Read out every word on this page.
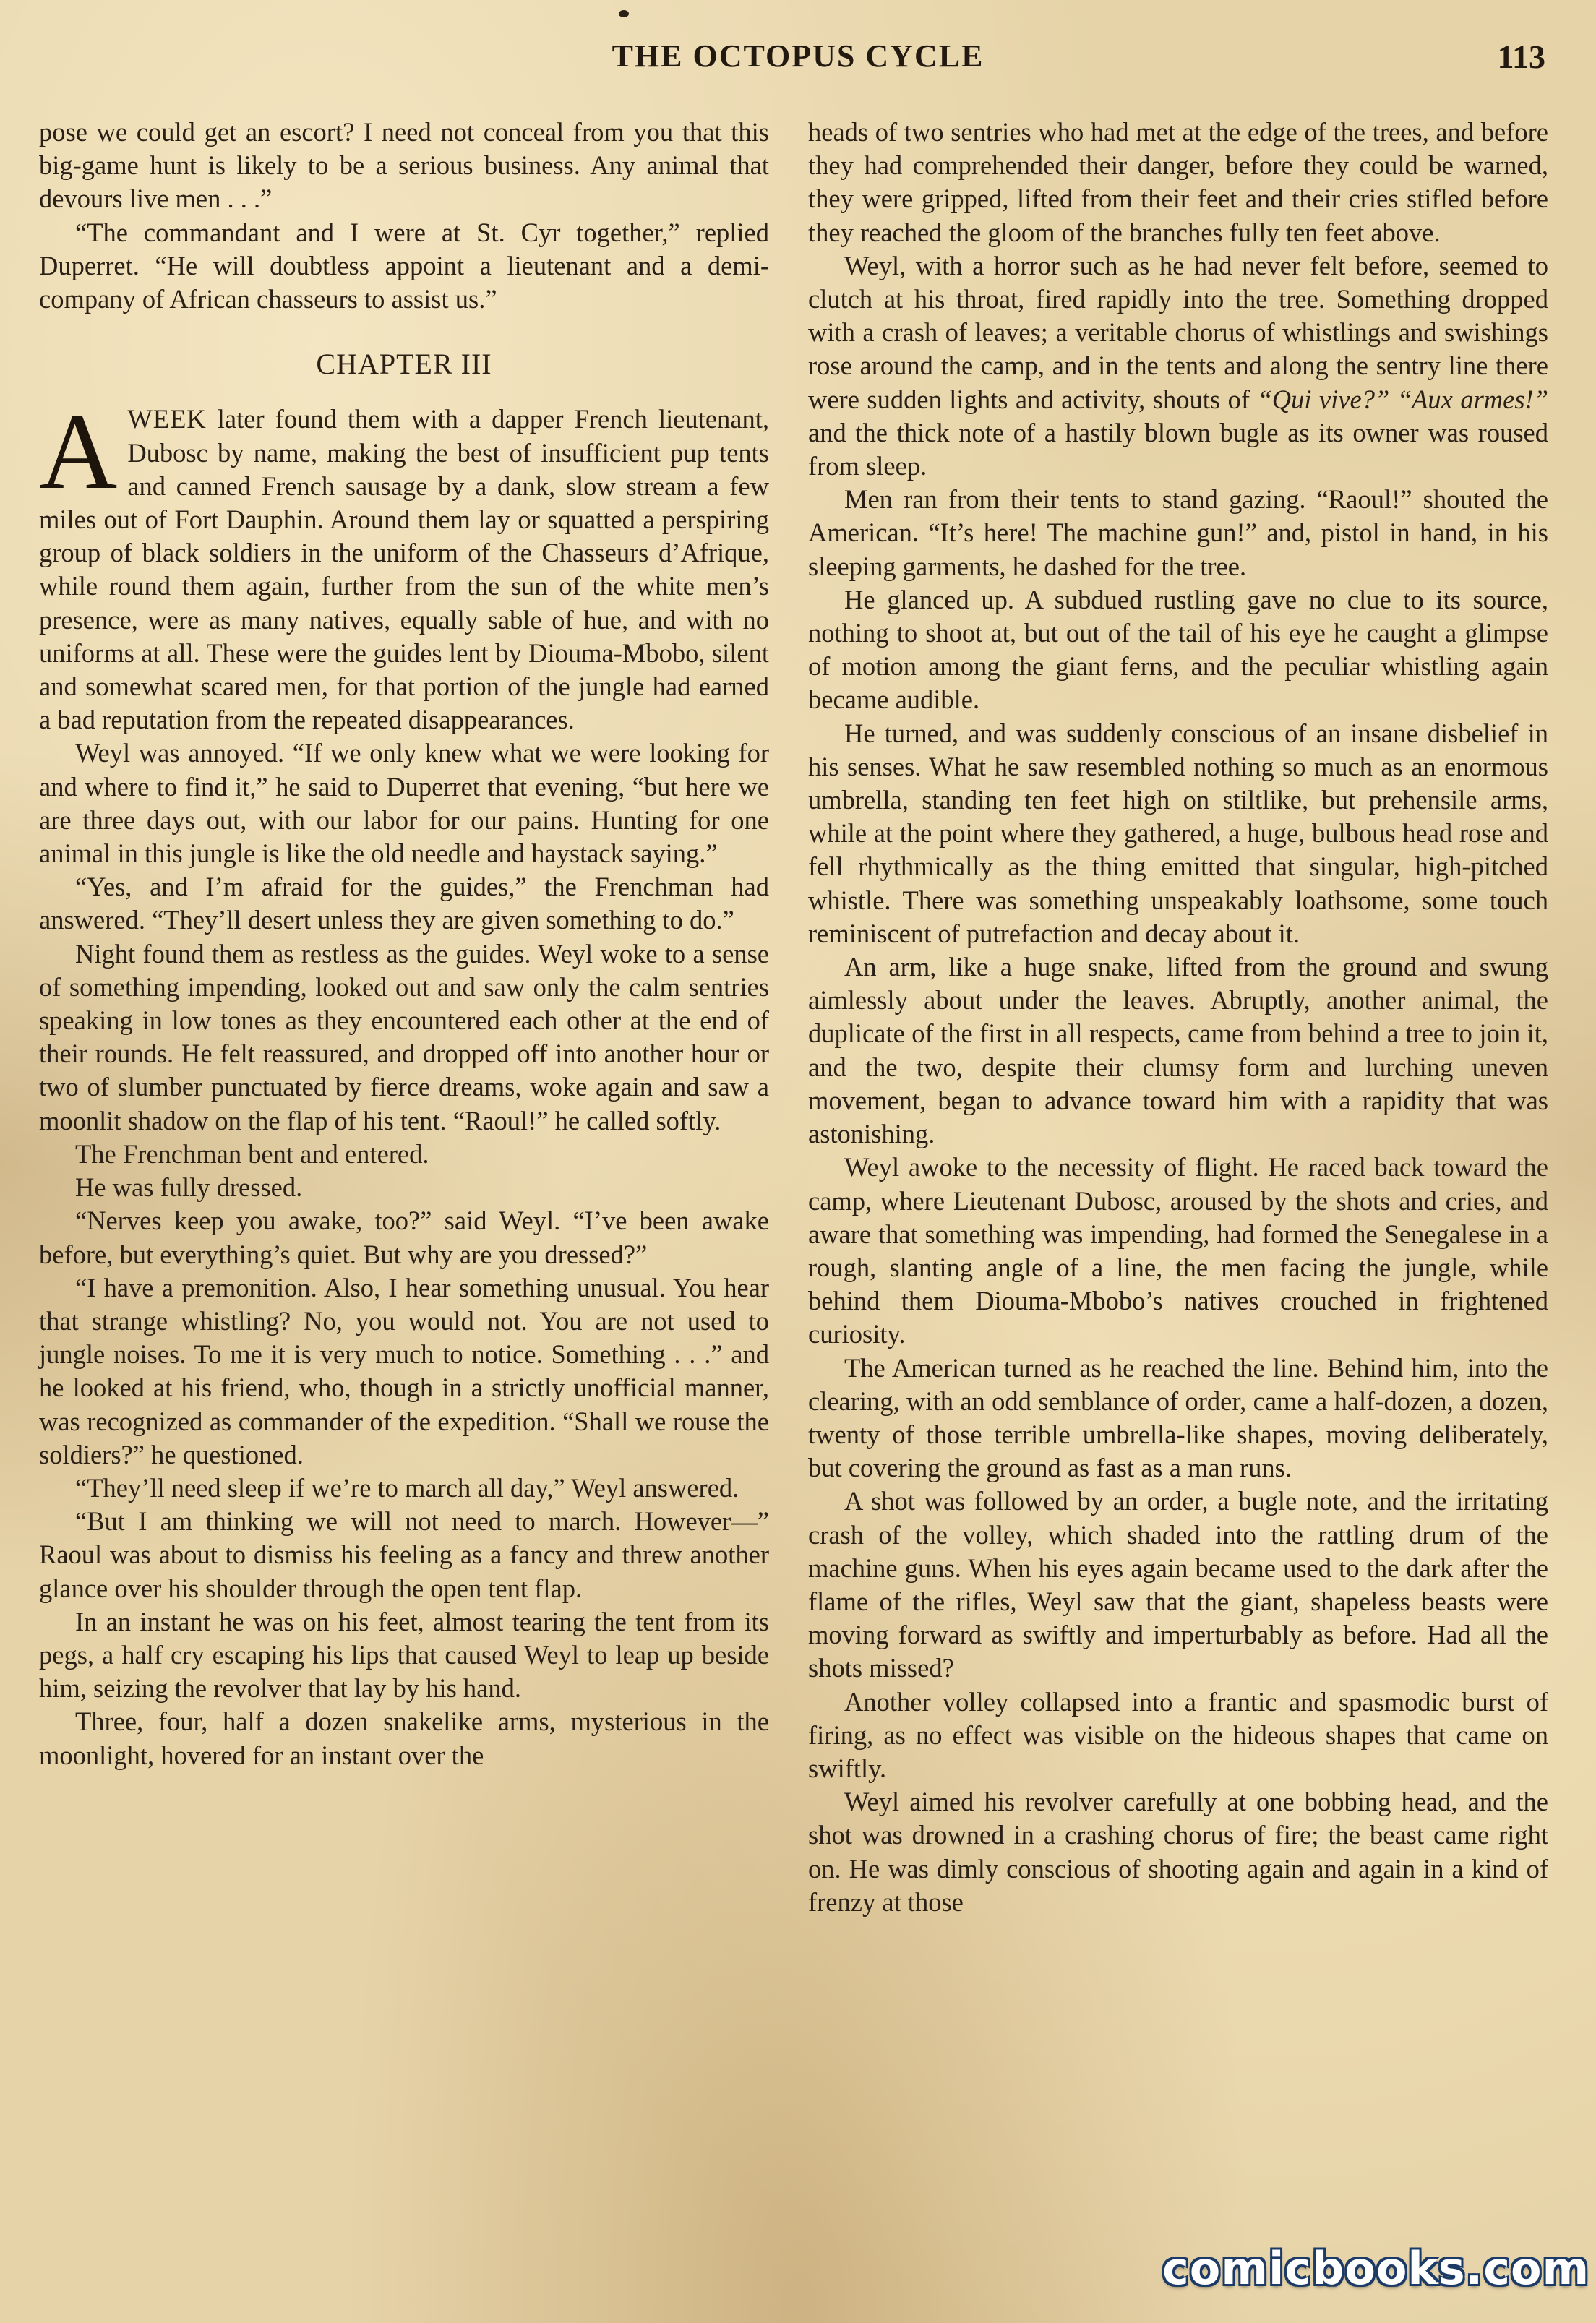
THE OCTOPUS CYCLE	113

pose we could get an escort? I need not conceal from you that this big-game hunt is likely to be a serious business. Any animal that devours live men . . .”

“The commandant and I were at St. Cyr together,” replied Duperret. “He will doubtless appoint a lieutenant and a demi-company of African chasseurs to assist us.”

CHAPTER III

AWEEK later found them with a dapper French lieutenant, Dubosc by name, making the best of insufficient pup tents and canned French sausage by a dank, slow stream a few miles out of Fort Dauphin. Around them lay or squatted a perspiring group of black soldiers in the uniform of the Chasseurs d’Afrique, while round them again, further from the sun of the white men’s presence, were as many natives, equally sable of hue, and with no uniforms at all. These were the guides lent by Diouma-Mbobo, silent and somewhat scared men, for that portion of the jungle had earned a bad reputation from the repeated disappearances.

Weyl was annoyed. “If we only knew what we were looking for and where to find it,” he said to Duperret that evening, “but here we are three days out, with our labor for our pains. Hunting for one animal in this jungle is like the old needle and haystack saying.”

“Yes, and I’m afraid for the guides,” the Frenchman had answered. “They’ll desert unless they are given something to do.”

Night found them as restless as the guides. Weyl woke to a sense of something impending, looked out and saw only the calm sentries speaking in low tones as they encountered each other at the end of their rounds. He felt reassured, and dropped off into another hour or two of slumber punctuated by fierce dreams, woke again and saw a moonlit shadow on the flap of his tent. “Raoul!” he called softly.

The Frenchman bent and entered.

He was fully dressed.

“Nerves keep you awake, too?” said Weyl. “I’ve been awake before, but everything’s quiet. But why are you dressed?”

“I have a premonition. Also, I hear something unusual. You hear that strange whistling? No, you would not. You are not used to jungle noises. To me it is very much to notice. Something . . .” and he looked at his friend, who, though in a strictly unofficial manner, was recognized as commander of the expedition. “Shall we rouse the soldiers?” he questioned.

“They’ll need sleep if we’re to march all day,” Weyl answered.

“But I am thinking we will not need to march. However—” Raoul was about to dismiss his feeling as a fancy and threw another glance over his shoulder through the open tent flap.

In an instant he was on his feet, almost tearing the tent from its pegs, a half cry escaping his lips that caused Weyl to leap up beside him, seizing the revolver that lay by his hand.

Three, four, half a dozen snakelike arms, mysterious in the moonlight, hovered for an instant over the

heads of two sentries who had met at the edge of the trees, and before they had comprehended their danger, before they could be warned, they were gripped, lifted from their feet and their cries stifled before they reached the gloom of the branches fully ten feet above.

Weyl, with a horror such as he had never felt before, seemed to clutch at his throat, fired rapidly into the tree. Something dropped with a crash of leaves; a veritable chorus of whistlings and swishings rose around the camp, and in the tents and along the sentry line there were sudden lights and activity, shouts of “Qui vive?” “Aux armes!” and the thick note of a hastily blown bugle as its owner was roused from sleep.

Men ran from their tents to stand gazing. “Raoul!” shouted the American. “It’s here! The machine gun!” and, pistol in hand, in his sleeping garments, he dashed for the tree.

He glanced up. A subdued rustling gave no clue to its source, nothing to shoot at, but out of the tail of his eye he caught a glimpse of motion among the giant ferns, and the peculiar whistling again became audible.

He turned, and was suddenly conscious of an insane disbelief in his senses. What he saw resembled nothing so much as an enormous umbrella, standing ten feet high on stiltlike, but prehensile arms, while at the point where they gathered, a huge, bulbous head rose and fell rhythmically as the thing emitted that singular, high-pitched whistle. There was something unspeakably loathsome, some touch reminiscent of putrefaction and decay about it.

An arm, like a huge snake, lifted from the ground and swung aimlessly about under the leaves. Abruptly, another animal, the duplicate of the first in all respects, came from behind a tree to join it, and the two, despite their clumsy form and lurching uneven movement, began to advance toward him with a rapidity that was astonishing.

Weyl awoke to the necessity of flight. He raced back toward the camp, where Lieutenant Dubosc, aroused by the shots and cries, and aware that something was impending, had formed the Senegalese in a rough, slanting angle of a line, the men facing the jungle, while behind them Diouma-Mbobo’s natives crouched in frightened curiosity.

The American turned as he reached the line. Behind him, into the clearing, with an odd semblance of order, came a half-dozen, a dozen, twenty of those terrible umbrella-like shapes, moving deliberately, but covering the ground as fast as a man runs.

A shot was followed by an order, a bugle note, and the irritating crash of the volley, which shaded into the rattling drum of the machine guns. When his eyes again became used to the dark after the flame of the rifles, Weyl saw that the giant, shapeless beasts were moving forward as swiftly and imperturbably as before. Had all the shots missed?

Another volley collapsed into a frantic and spasmodic burst of firing, as no effect was visible on the hideous shapes that came on swiftly.

Weyl aimed his revolver carefully at one bobbing head, and the shot was drowned in a crashing chorus of fire; the beast came right on. He was dimly conscious of shooting again and again in a kind of frenzy at those

comicbooks.com
